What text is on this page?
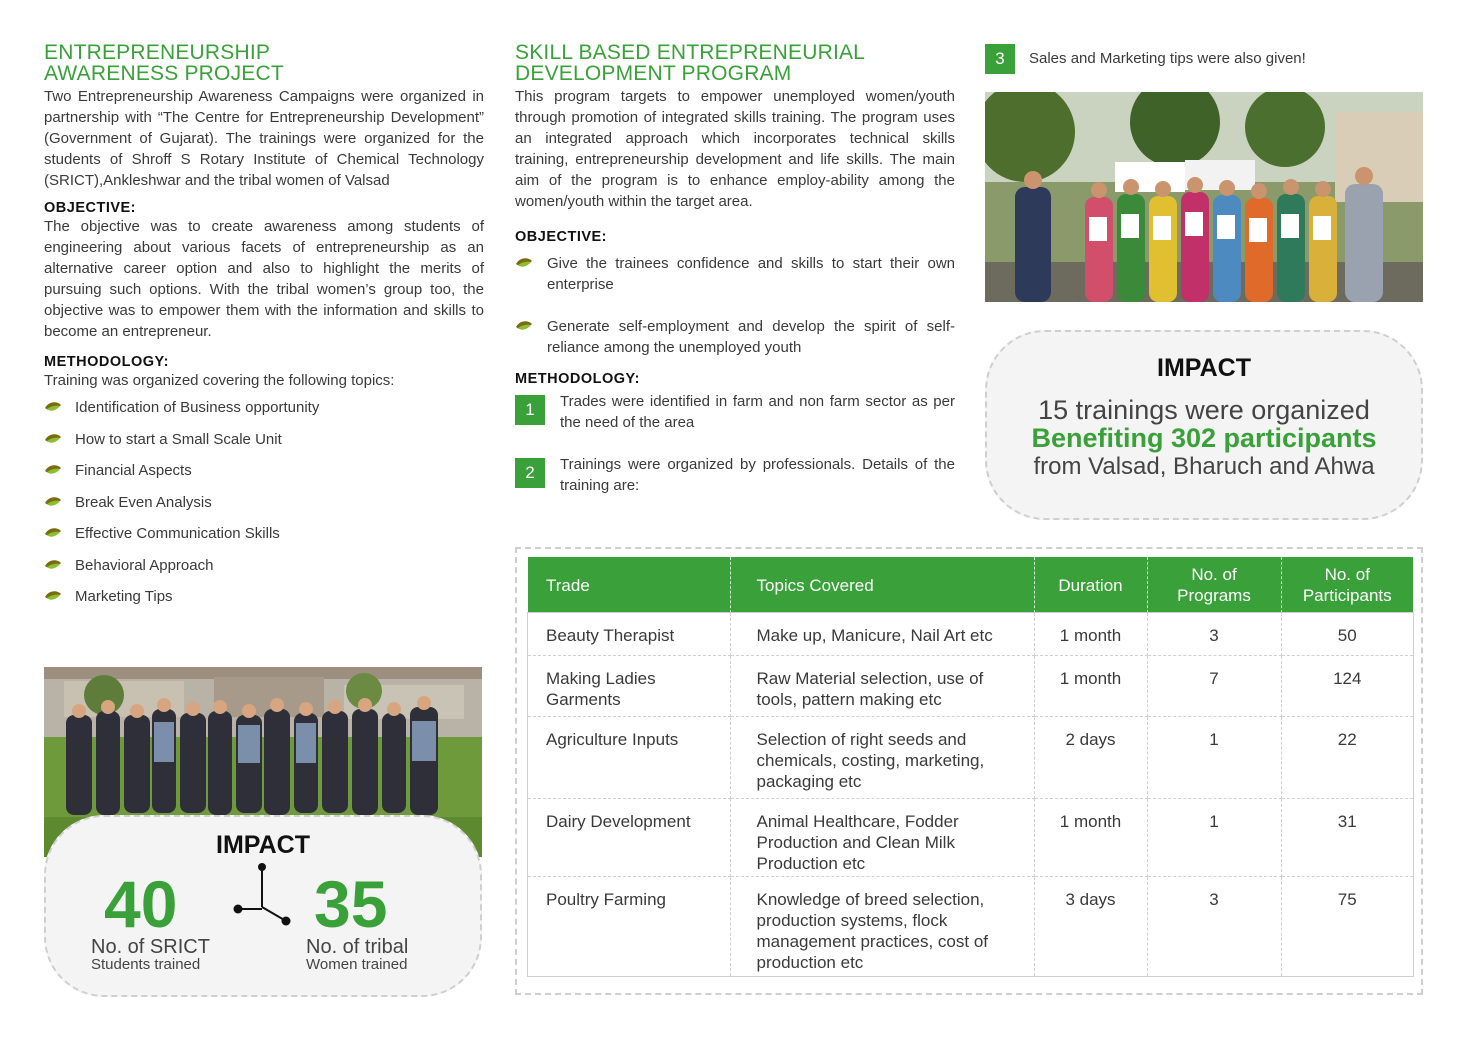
ENTREPRENEURSHIP
AWARENESS PROJECT

Two Entrepreneurship Awareness Campaigns were organized in partnership with “The Centre for Entrepreneurship Development” (Government of Gujarat). The trainings were organized for the students of Shroff S Rotary Institute of Chemical Technology (SRICT),Ankleshwar and the tribal women of Valsad

OBJECTIVE:

The objective was to create awareness among students of engineering about various facets of entrepreneurship as an alternative career option and also to highlight the merits of pursuing such options. With the tribal women’s group too, the objective was to empower them with the information and skills to become an entrepreneur.

METHODOLOGY:

Training was organized covering the following topics:

Identification of Business opportunity
How to start a Small Scale Unit
Financial Aspects
Break Even Analysis
Effective Communication Skills
Behavioral Approach
Marketing Tips
IMPACT
40
No. of SRICT
Students trained
35
No. of tribal
Women trained
SKILL BASED ENTREPRENEURIAL
DEVELOPMENT PROGRAM

This program targets to empower unemployed women/youth through promotion of integrated skills training. The program uses an integrated approach which incorporates technical skills training, entrepreneurship development and life skills. The main aim of the program is to enhance employ-ability among the women/youth within the target area.

OBJECTIVE:
Give the trainees confidence and skills to start their own enterprise
Generate self-employment and develop the spirit of self-reliance among the unemployed youth
METHODOLOGY:
1	Trades were identified in farm and non farm sector as per the need of the area
2	Trainings were organized by professionals. Details of the training are:
3	Sales and Marketing tips were also given!
IMPACT
15 trainings were organized
Benefiting 302 participants
from Valsad, Bharuch and Ahwa
Trade	Topics Covered	Duration	No. of Programs	No. of Participants
Beauty Therapist	Make up, Manicure, Nail Art etc	1 month	3	50
Making Ladies Garments	Raw Material selection, use of tools, pattern making etc	1 month	7	124
Agriculture Inputs	Selection of right seeds and chemicals, costing, marketing, packaging etc	2 days	1	22
Dairy Development	Animal Healthcare, Fodder Production and Clean Milk Production etc	1 month	1	31
Poultry Farming	Knowledge of breed selection, production systems, flock management practices, cost of production etc	3 days	3	75
